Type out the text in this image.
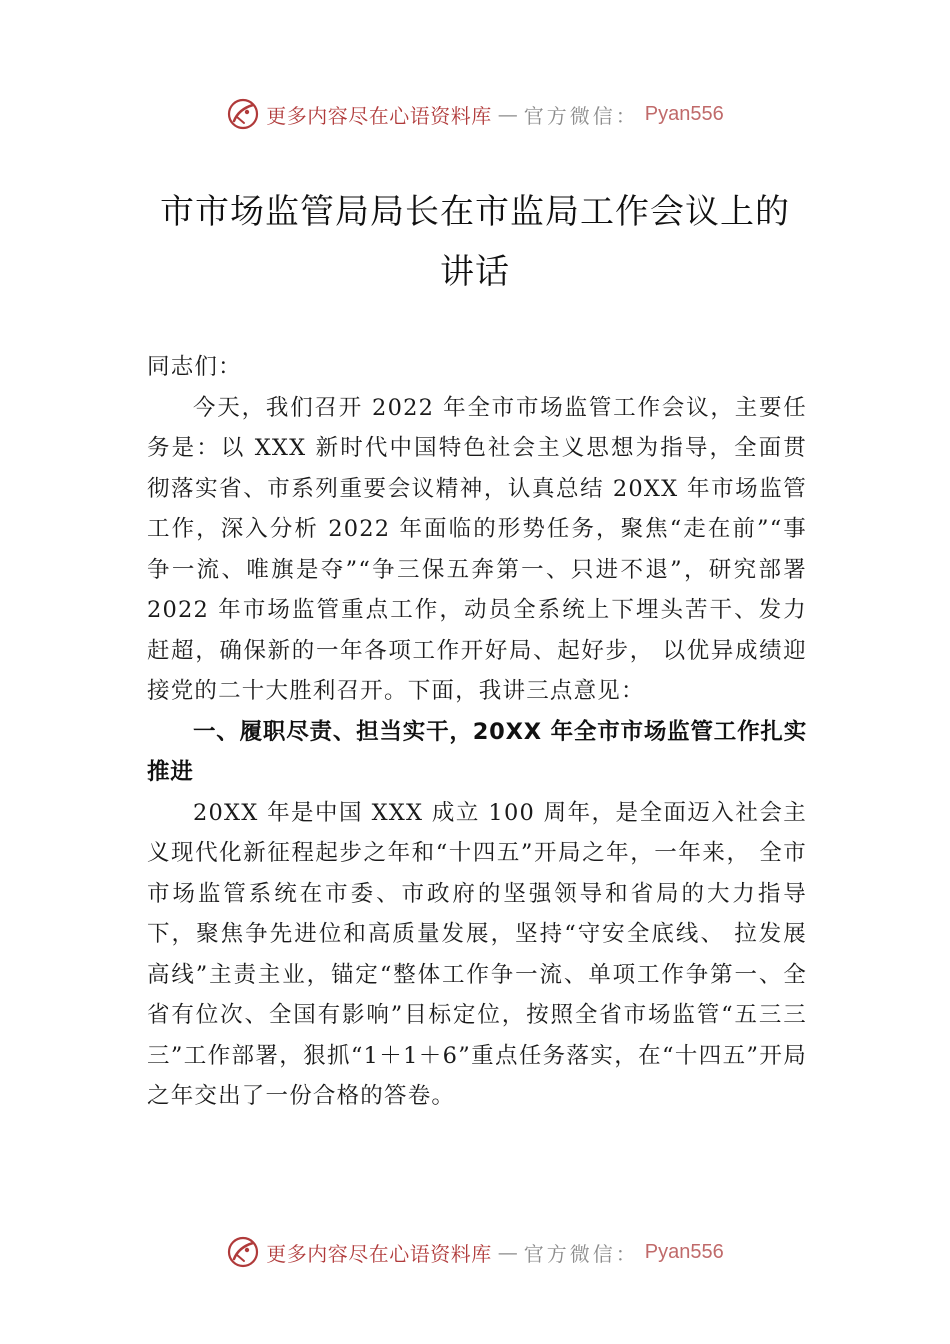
更多内容尽在心语资料库 — 官方微信： Pyan556
市市场监管局局长在市监局工作会议上的
讲话

同志们：

今天，我们召开 2022 年全市市场监管工作会议，主要任务是：以 XXX 新时代中国特色社会主义思想为指导，全面贯彻落实省、市系列重要会议精神，认真总结 20XX 年市场监管工作，深入分析 2022 年面临的形势任务，聚焦“走在前”“事争一流、唯旗是夺”“争三保五奔第一、只进不退”，研究部署 2022 年市场监管重点工作，动员全系统上下埋头苦干、发力赶超，确保新的一年各项工作开好局、起好步， 以优异成绩迎接党的二十大胜利召开。下面，我讲三点意见：

一、履职尽责、担当实干，20XX 年全市市场监管工作扎实推进

20XX 年是中国 XXX 成立 100 周年，是全面迈入社会主义现代化新征程起步之年和“十四五”开局之年，一年来， 全市市场监管系统在市委、市政府的坚强领导和省局的大力指导下，聚焦争先进位和高质量发展，坚持“守安全底线、 拉发展高线”主责主业，锚定“整体工作争一流、单项工作争第一、全省有位次、全国有影响”目标定位，按照全省市场监管“五三三三”工作部署，狠抓“1＋1＋6”重点任务落实，在“十四五”开局之年交出了一份合格的答卷。

更多内容尽在心语资料库 — 官方微信： Pyan556
